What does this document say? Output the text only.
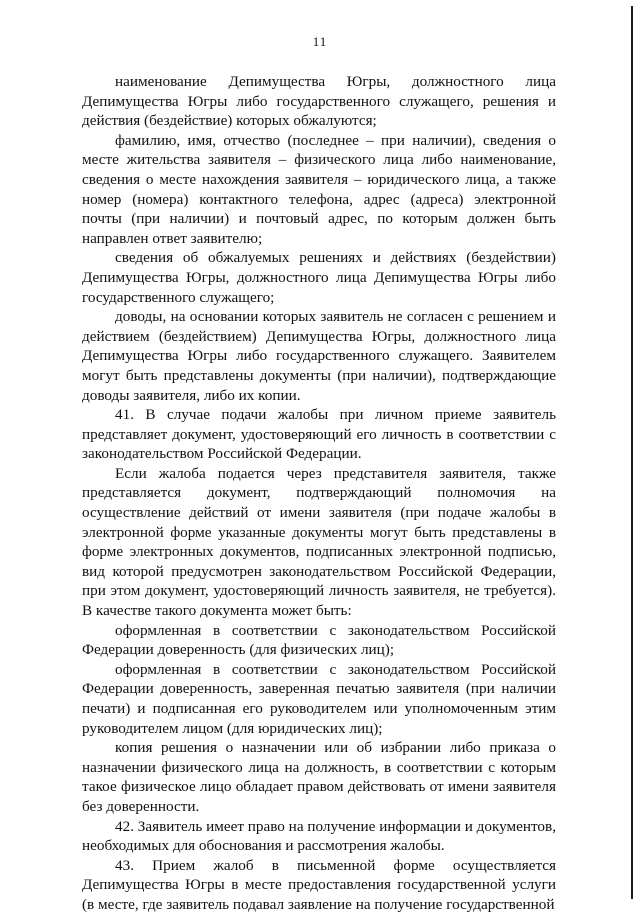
11

наименование Депимущества Югры, должностного лица Депимущества Югры либо государственного служащего, решения и действия (бездействие) которых обжалуются;

фамилию, имя, отчество (последнее – при наличии), сведения о месте жительства заявителя – физического лица либо наименование, сведения о месте нахождения заявителя – юридического лица, а также номер (номера) контактного телефона, адрес (адреса) электронной почты (при наличии) и почтовый адрес, по которым должен быть направлен ответ заявителю;

сведения об обжалуемых решениях и действиях (бездействии) Депимущества Югры, должностного лица Депимущества Югры либо государственного служащего;

доводы, на основании которых заявитель не согласен с решением и действием (бездействием) Депимущества Югры, должностного лица Депимущества Югры либо государственного служащего. Заявителем могут быть представлены документы (при наличии), подтверждающие доводы заявителя, либо их копии.

41. В случае подачи жалобы при личном приеме заявитель представляет документ, удостоверяющий его личность в соответствии с законодательством Российской Федерации.

Если жалоба подается через представителя заявителя, также представляется документ, подтверждающий полномочия на осуществление действий от имени заявителя (при подаче жалобы в электронной форме указанные документы могут быть представлены в форме электронных документов, подписанных электронной подписью, вид которой предусмотрен законодательством Российской Федерации, при этом документ, удостоверяющий личность заявителя, не требуется). В качестве такого документа может быть:

оформленная в соответствии с законодательством Российской Федерации доверенность (для физических лиц);

оформленная в соответствии с законодательством Российской Федерации доверенность, заверенная печатью заявителя (при наличии печати) и подписанная его руководителем или уполномоченным этим руководителем лицом (для юридических лиц);

копия решения о назначении или об избрании либо приказа о назначении физического лица на должность, в соответствии с которым такое физическое лицо обладает правом действовать от имени заявителя без доверенности.

42. Заявитель имеет право на получение информации и документов, необходимых для обоснования и рассмотрения жалобы.

43. Прием жалоб в письменной форме осуществляется Депимущества Югры в месте предоставления государственной услуги (в месте, где заявитель подавал заявление на получение государственной
